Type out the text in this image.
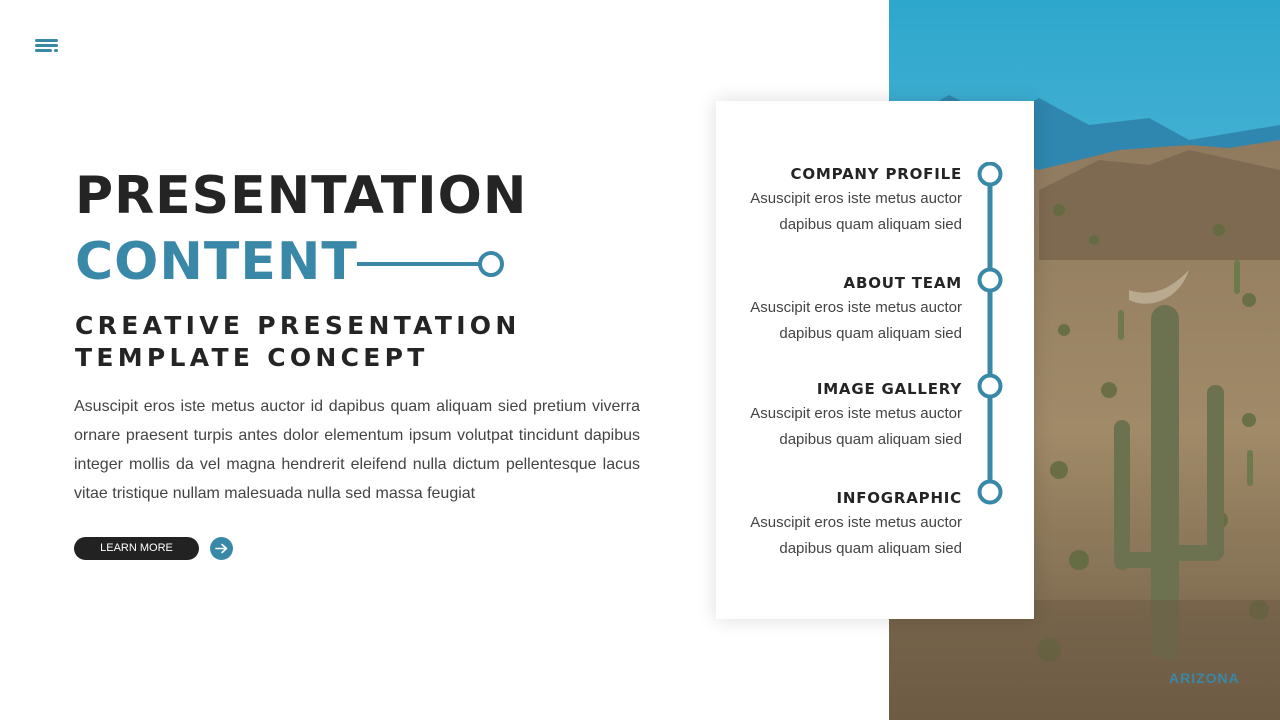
PRESENTATION
CONTENT
CREATIVE PRESENTATION
TEMPLATE CONCEPT

Asuscipit eros iste metus auctor id dapibus quam aliquam sied pretium viverra ornare praesent turpis antes dolor elementum ipsum volutpat tincidunt dapibus integer mollis da vel magna hendrerit eleifend nulla dictum pellentesque lacus vitae tristique nullam malesuada nulla sed massa feugiat

LEARN MORE
ARIZONA
COMPANY PROFILE
Asuscipit eros iste metus auctor
dapibus quam aliquam sied
ABOUT TEAM
Asuscipit eros iste metus auctor
dapibus quam aliquam sied
IMAGE GALLERY
Asuscipit eros iste metus auctor
dapibus quam aliquam sied
INFOGRAPHIC
Asuscipit eros iste metus auctor
dapibus quam aliquam sied
